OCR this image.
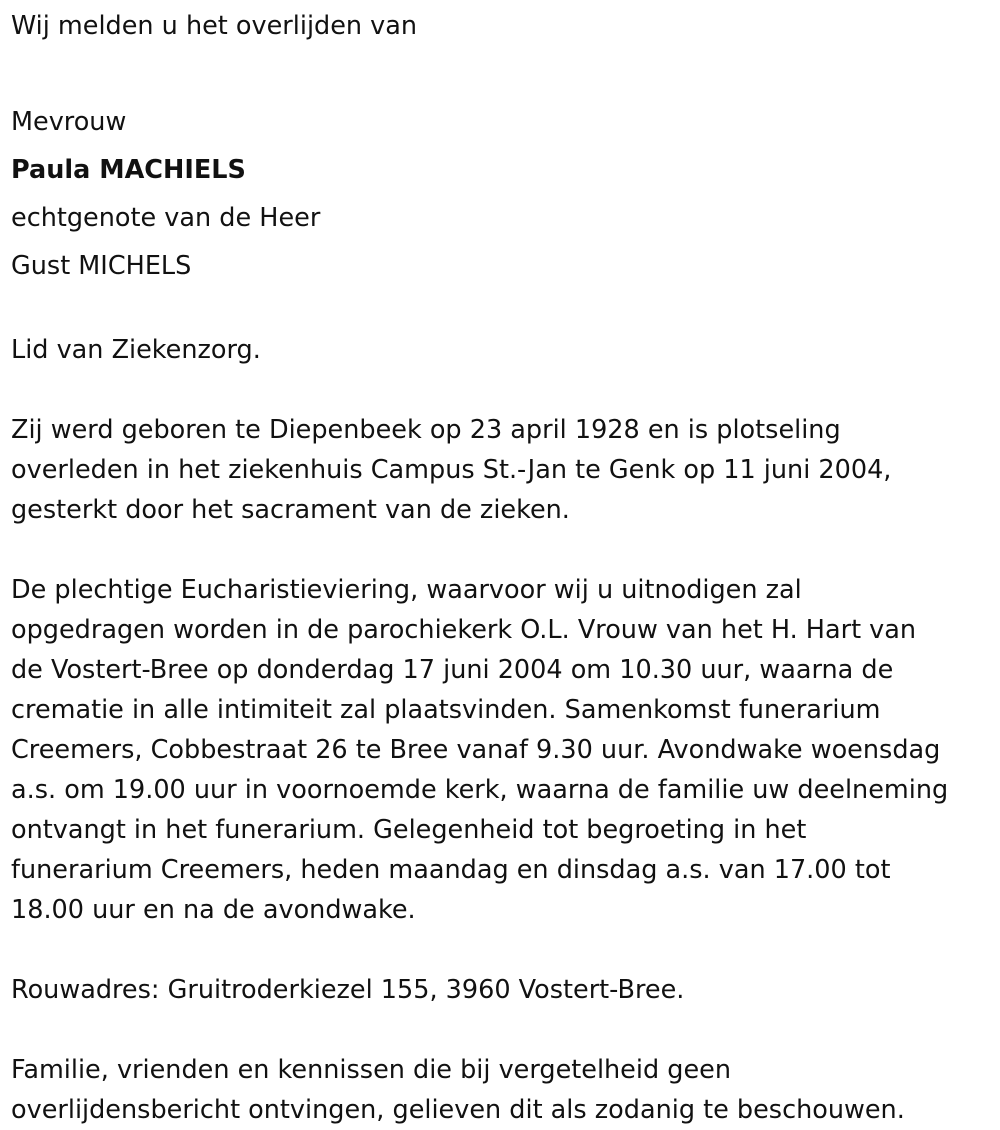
Wij melden u het overlijden van

Mevrouw

Paula MACHIELS

echtgenote van de Heer

Gust MICHELS

Lid van Ziekenzorg.

Zij werd geboren te Diepenbeek op 23 april 1928 en is plotseling

overleden in het ziekenhuis Campus St.-Jan te Genk op 11 juni 2004,

gesterkt door het sacrament van de zieken.

De plechtige Eucharistieviering, waarvoor wij u uitnodigen zal

opgedragen worden in de parochiekerk O.L. Vrouw van het H. Hart van

de Vostert-Bree op donderdag 17 juni 2004 om 10.30 uur, waarna de

crematie in alle intimiteit zal plaatsvinden. Samenkomst funerarium

Creemers, Cobbestraat 26 te Bree vanaf 9.30 uur. Avondwake woensdag

a.s. om 19.00 uur in voornoemde kerk, waarna de familie uw deelneming

ontvangt in het funerarium. Gelegenheid tot begroeting in het

funerarium Creemers, heden maandag en dinsdag a.s. van 17.00 tot

18.00 uur en na de avondwake.

Rouwadres: Gruitroderkiezel 155, 3960 Vostert-Bree.

Familie, vrienden en kennissen die bij vergetelheid geen

overlijdensbericht ontvingen, gelieven dit als zodanig te beschouwen.
